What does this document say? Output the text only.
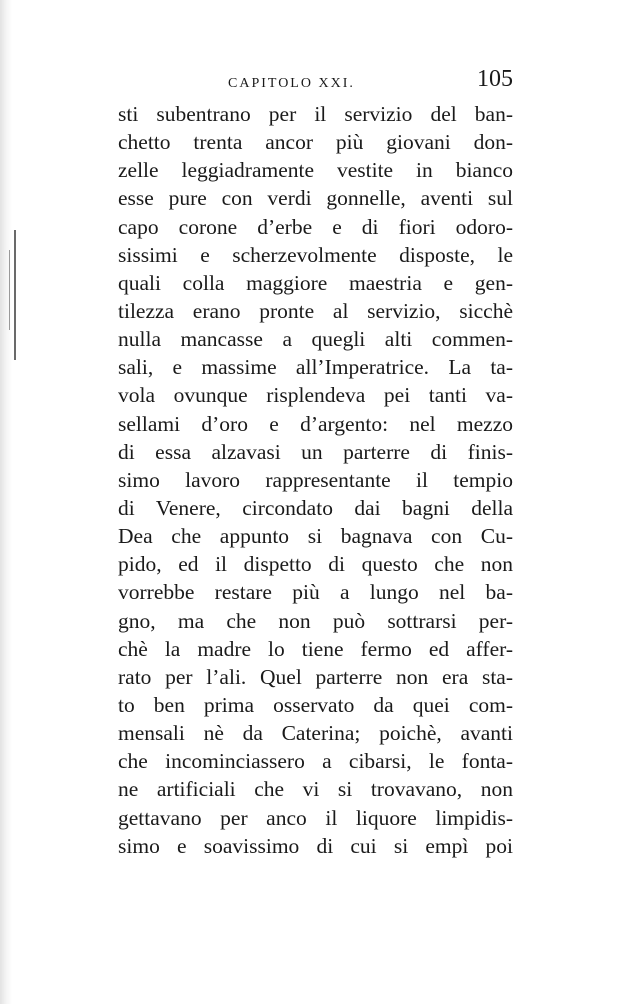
CAPITOLO XXI.	105
sti subentrano per il servizio del ban-
chetto trenta ancor più giovani don-
zelle leggiadramente vestite in bianco
esse pure con verdi gonnelle, aventi sul
capo corone d’erbe e di fiori odoro-
sissimi e scherzevolmente disposte, le
quali colla maggiore maestria e gen-
tilezza erano pronte al servizio, sicchè
nulla mancasse a quegli alti commen-
sali, e massime all’Imperatrice. La ta-
vola ovunque risplendeva pei tanti va-
sellami d’oro e d’argento: nel mezzo
di essa alzavasi un parterre di finis-
simo lavoro rappresentante il tempio
di Venere, circondato dai bagni della
Dea che appunto si bagnava con Cu-
pido, ed il dispetto di questo che non
vorrebbe restare più a lungo nel ba-
gno, ma che non può sottrarsi per-
chè la madre lo tiene fermo ed affer-
rato per l’ali. Quel parterre non era sta-
to ben prima osservato da quei com-
mensali nè da Caterina; poichè, avanti
che incominciassero a cibarsi, le fonta-
ne artificiali che vi si trovavano, non
gettavano per anco il liquore limpidis-
simo e soavissimo di cui si empì poi
